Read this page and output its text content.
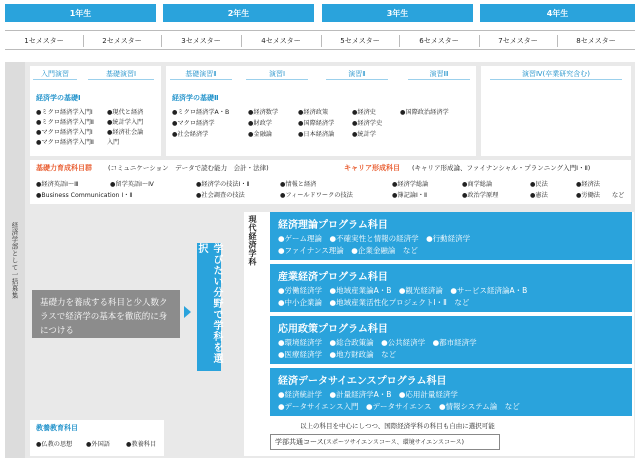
1年生	2年生	3年生	4年生
1セメスター	2セメスター	3セメスター	4セメスター	5セメスター	6セメスター	7セメスター	8セメスター
経済学部として一括募集
入門演習	基礎演習Ⅰ	基礎演習Ⅱ	演習Ⅰ	演習Ⅱ	演習Ⅲ	演習Ⅳ(卒業研究含む)
経済学の基礎Ⅰ
●ミクロ経済学入門Ⅰ ●現代と経済
●ミクロ経済学入門Ⅱ ●統計学入門
●マクロ経済学入門Ⅰ ●経済社会論
●マクロ経済学入門Ⅱ 入門
経済学の基礎Ⅱ
●ミクロ経済学A・B
●マクロ経済学
●社会経済学
●経済数学
●財政学
●金融論
●経済政策
●国際経済学
●日本経済論
●経済史
●経済学史
●統計学
●国際政治経済学
基礎力育成科目群 (コミュニケーション　データで読む能力　会計・法律)
●経済英語Ⅰ～Ⅲ	●留学英語Ⅰ～Ⅳ
●Business Communication Ⅰ・Ⅱ
●経済学の技法Ⅰ・Ⅱ
●社会調査の技法
●情報と経済
●フィールドワークの技法
キャリア形成科目 (キャリア形成論、ファイナンシャル・プランニング入門Ⅰ・Ⅱ)
●経済学総論
●簿記論Ⅰ・Ⅱ
●商学総論
●政治学原理
●民法
●憲法
●経済法
●労働法 など
基礎力を養成する科目と少人数クラスで経済学の基本を徹底的に身につける	学びたい分野で学科を選択	現代経済学科 経済理論プログラム科目
●ゲーム理論　●不確実性と情報の経済学　●行動経済学
●ファイナンス理論　●企業金融論　など
産業経済プログラム科目
●労働経済学　●地域産業論A・B　●観光経済論　●サービス経済論A・B
●中小企業論　●地域産業活性化プロジェクトⅠ・Ⅱ　など
応用政策プログラム科目
●環境経済学　●総合政策論　●公共経済学　●都市経済学
●医療経済学　●地方財政論　など
経済データサイエンスプログラム科目
●経済統計学　●計量経済学A・B　●応用計量経済学
●データサイエンス入門　●データサイエンス　●情報システム論　など
以上の科目を中心にしつつ、国際経済学科の科目も自由に選択可能
学部共通コース(スポーツサイエンスコース、環境サイエンスコース)
教養教育科目
●仏教の思想 ●外国語	●教養科目
